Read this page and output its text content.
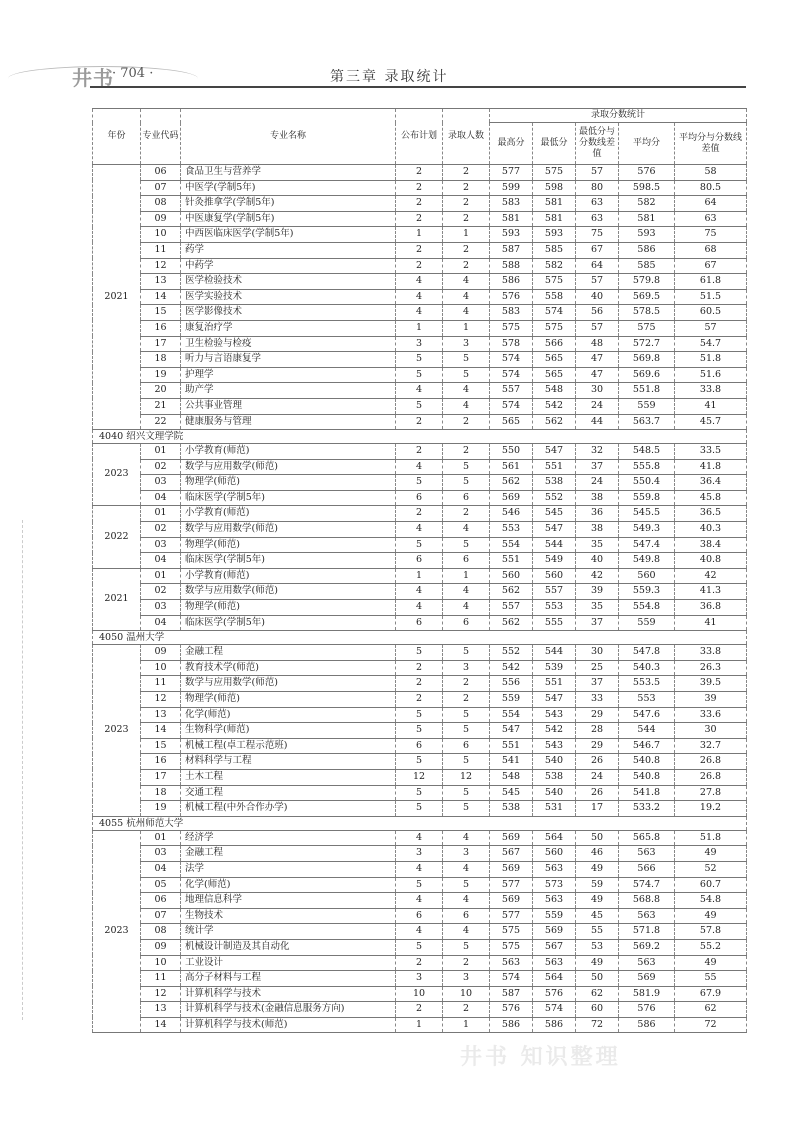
井书
· 704 ·	第三章 录取统计
年份	专业代码	专业名称	公布计划	录取人数	录取分数统计				
					最高分	最低分	最低分与分数线差值	平均分	平均分与分数线差值
2021	06	食品卫生与营养学	2	2	577	575	57	576	58
	07	中医学(学制5年)	2	2	599	598	80	598.5	80.5
	08	针灸推拿学(学制5年)	2	2	583	581	63	582	64
	09	中医康复学(学制5年)	2	2	581	581	63	581	63
	10	中西医临床医学(学制5年)	1	1	593	593	75	593	75
	11	药学	2	2	587	585	67	586	68
	12	中药学	2	2	588	582	64	585	67
	13	医学检验技术	4	4	586	575	57	579.8	61.8
	14	医学实验技术	4	4	576	558	40	569.5	51.5
	15	医学影像技术	4	4	583	574	56	578.5	60.5
	16	康复治疗学	1	1	575	575	57	575	57
	17	卫生检验与检疫	3	3	578	566	48	572.7	54.7
	18	听力与言语康复学	5	5	574	565	47	569.8	51.8
	19	护理学	5	5	574	565	47	569.6	51.6
	20	助产学	4	4	557	548	30	551.8	33.8
	21	公共事业管理	5	4	574	542	24	559	41
	22	健康服务与管理	2	2	565	562	44	563.7	45.7
4040 绍兴文理学院									
2023	01	小学教育(师范)	2	2	550	547	32	548.5	33.5
	02	数学与应用数学(师范)	4	5	561	551	37	555.8	41.8
	03	物理学(师范)	5	5	562	538	24	550.4	36.4
	04	临床医学(学制5年)	6	6	569	552	38	559.8	45.8
2022	01	小学教育(师范)	2	2	546	545	36	545.5	36.5
	02	数学与应用数学(师范)	4	4	553	547	38	549.3	40.3
	03	物理学(师范)	5	5	554	544	35	547.4	38.4
	04	临床医学(学制5年)	6	6	551	549	40	549.8	40.8
2021	01	小学教育(师范)	1	1	560	560	42	560	42
	02	数学与应用数学(师范)	4	4	562	557	39	559.3	41.3
	03	物理学(师范)	4	4	557	553	35	554.8	36.8
	04	临床医学(学制5年)	6	6	562	555	37	559	41
4050 温州大学									
2023	09	金融工程	5	5	552	544	30	547.8	33.8
	10	教育技术学(师范)	2	3	542	539	25	540.3	26.3
	11	数学与应用数学(师范)	2	2	556	551	37	553.5	39.5
	12	物理学(师范)	2	2	559	547	33	553	39
	13	化学(师范)	5	5	554	543	29	547.6	33.6
	14	生物科学(师范)	5	5	547	542	28	544	30
	15	机械工程(卓工程示范班)	6	6	551	543	29	546.7	32.7
	16	材料科学与工程	5	5	541	540	26	540.8	26.8
	17	土木工程	12	12	548	538	24	540.8	26.8
	18	交通工程	5	5	545	540	26	541.8	27.8
	19	机械工程(中外合作办学)	5	5	538	531	17	533.2	19.2
4055 杭州师范大学									
2023	01	经济学	4	4	569	564	50	565.8	51.8
	03	金融工程	3	3	567	560	46	563	49
	04	法学	4	4	569	563	49	566	52
	05	化学(师范)	5	5	577	573	59	574.7	60.7
	06	地理信息科学	4	4	569	563	49	568.8	54.8
	07	生物技术	6	6	577	559	45	563	49
	08	统计学	4	4	575	569	55	571.8	57.8
	09	机械设计制造及其自动化	5	5	575	567	53	569.2	55.2
	10	工业设计	2	2	563	563	49	563	49
	11	高分子材料与工程	3	3	574	564	50	569	55
	12	计算机科学与技术	10	10	587	576	62	581.9	67.9
	13	计算机科学与技术(金融信息服务方向)	2	2	576	574	60	576	62
	14	计算机科学与技术(师范)	1	1	586	586	72	586	72
井书 知识整理
